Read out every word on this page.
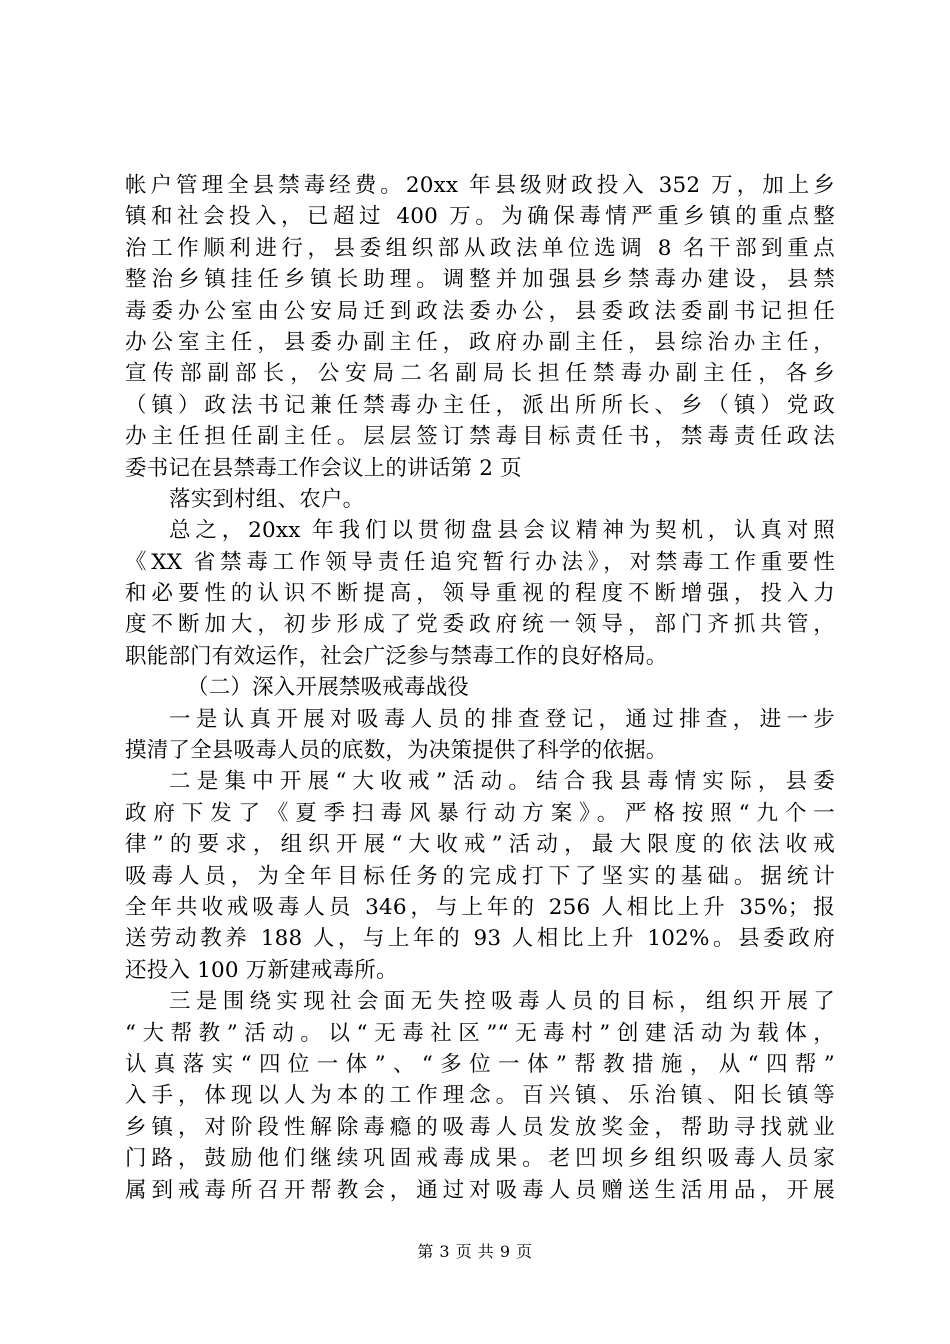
帐户管理全县禁毒经费。20xx 年县级财政投入 352 万，加上乡
镇和社会投入，已超过 400 万。为确保毒情严重乡镇的重点整
治工作顺利进行，县委组织部从政法单位选调 8 名干部到重点
整治乡镇挂任乡镇长助理。调整并加强县乡禁毒办建设，县禁
毒委办公室由公安局迁到政法委办公，县委政法委副书记担任
办公室主任，县委办副主任，政府办副主任，县综治办主任，
宣传部副部长，公安局二名副局长担任禁毒办副主任，各乡
（镇）政法书记兼任禁毒办主任，派出所所长、乡（镇）党政
办主任担任副主任。层层签订禁毒目标责任书，禁毒责任政法
委书记在县禁毒工作会议上的讲话第 2 页
落实到村组、农户。
总之，20xx 年我们以贯彻盘县会议精神为契机，认真对照
《XX 省禁毒工作领导责任追究暂行办法》，对禁毒工作重要性
和必要性的认识不断提高，领导重视的程度不断增强，投入力
度不断加大，初步形成了党委政府统一领导，部门齐抓共管，
职能部门有效运作，社会广泛参与禁毒工作的良好格局。
（二）深入开展禁吸戒毒战役
一是认真开展对吸毒人员的排查登记，通过排查，进一步
摸清了全县吸毒人员的底数，为决策提供了科学的依据。
二是集中开展“大收戒”活动。结合我县毒情实际，县委
政府下发了《夏季扫毒风暴行动方案》。严格按照“九个一
律”的要求，组织开展“大收戒”活动，最大限度的依法收戒
吸毒人员，为全年目标任务的完成打下了坚实的基础。据统计
全年共收戒吸毒人员 346，与上年的 256 人相比上升 35%；报
送劳动教养 188 人，与上年的 93 人相比上升 102%。县委政府
还投入 100 万新建戒毒所。
三是围绕实现社会面无失控吸毒人员的目标，组织开展了
“大帮教”活动。以“无毒社区”“无毒村”创建活动为载体，
认真落实“四位一体”、“多位一体”帮教措施，从“四帮”
入手，体现以人为本的工作理念。百兴镇、乐治镇、阳长镇等
乡镇，对阶段性解除毒瘾的吸毒人员发放奖金，帮助寻找就业
门路，鼓励他们继续巩固戒毒成果。老凹坝乡组织吸毒人员家
属到戒毒所召开帮教会，通过对吸毒人员赠送生活用品，开展
第 3 页 共 9 页
